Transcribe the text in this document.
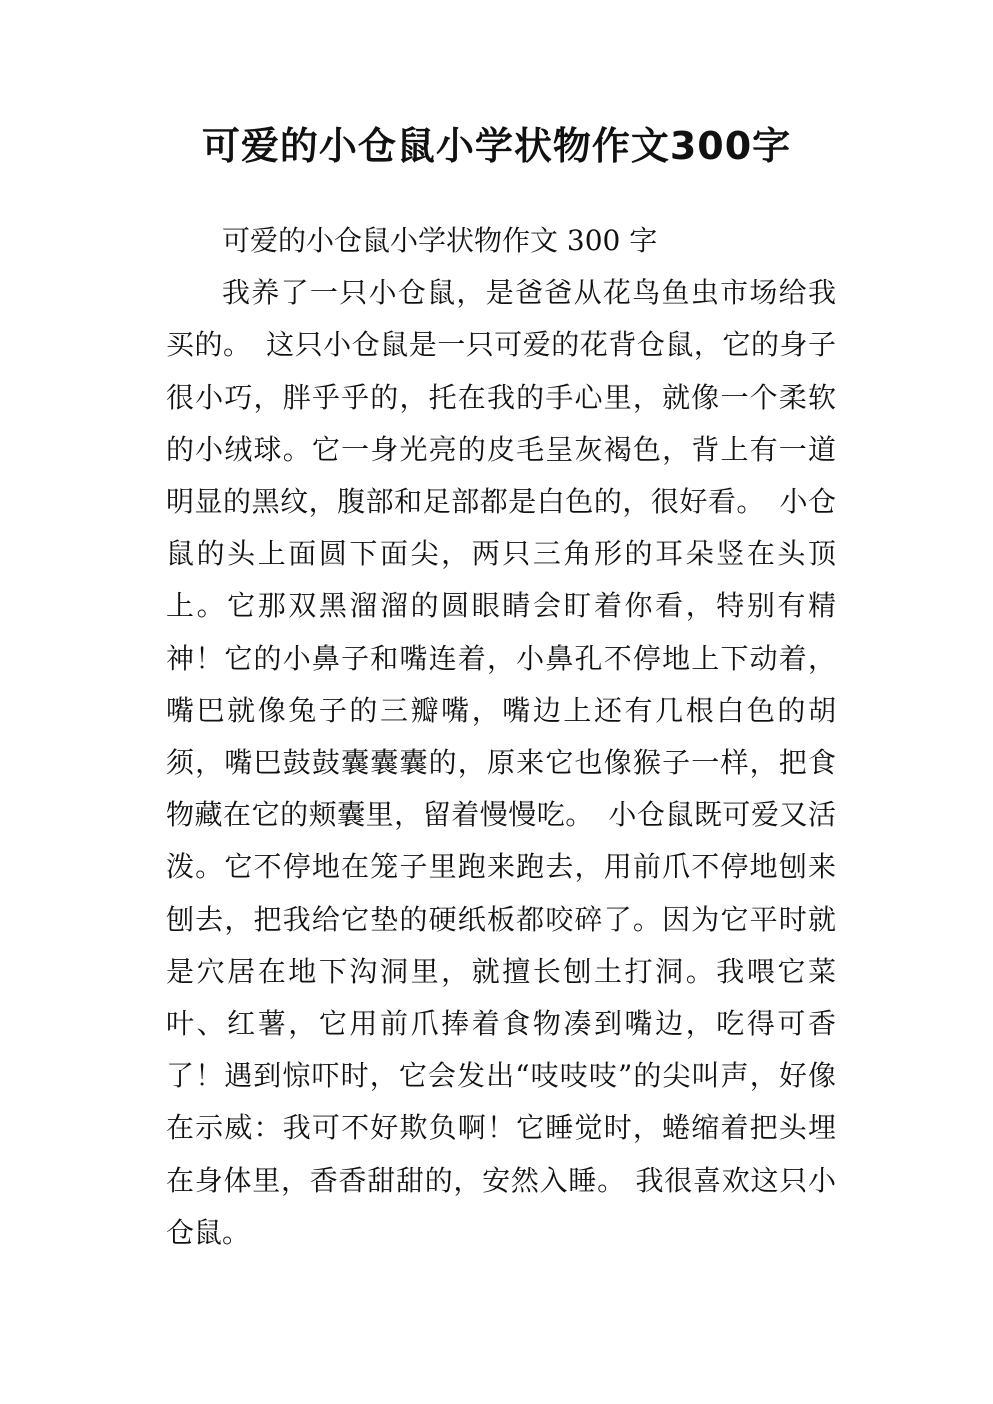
可爱的小仓鼠小学状物作文300字

可爱的小仓鼠小学状物作文 300 字

我养了一只小仓鼠，是爸爸从花鸟鱼虫市场给我买的。　这只小仓鼠是一只可爱的花背仓鼠，它的身子很小巧，胖乎乎的，托在我的手心里，就像一个柔软的小绒球。它一身光亮的皮毛呈灰褐色，背上有一道明显的黑纹，腹部和足部都是白色的，很好看。　小仓鼠的头上面圆下面尖，两只三角形的耳朵竖在头顶上。它那双黑溜溜的圆眼睛会盯着你看，特别有精神！它的小鼻子和嘴连着，小鼻孔不停地上下动着，嘴巴就像兔子的三瓣嘴，嘴边上还有几根白色的胡须，嘴巴鼓鼓囊囊囊的，原来它也像猴子一样，把食物藏在它的颊囊里，留着慢慢吃。　小仓鼠既可爱又活泼。它不停地在笼子里跑来跑去，用前爪不停地刨来刨去，把我给它垫的硬纸板都咬碎了。因为它平时就是穴居在地下沟洞里，就擅长刨土打洞。我喂它菜叶、红薯，它用前爪捧着食物凑到嘴边，吃得可香了！遇到惊吓时，它会发出“吱吱吱”的尖叫声，好像在示威：我可不好欺负啊！它睡觉时，蜷缩着把头埋在身体里，香香甜甜的，安然入睡。 我很喜欢这只小仓鼠。
